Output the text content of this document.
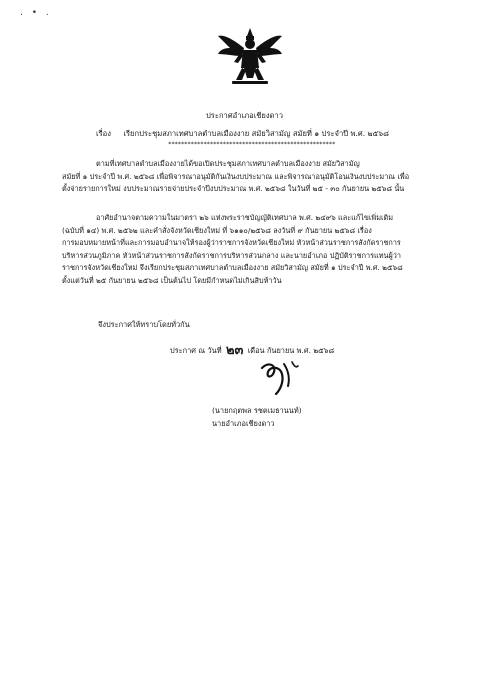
. • .
ประกาศอำเภอเชียงดาว
เรื่อง เรียกประชุมสภาเทศบาลตำบลเมืองงาย สมัยวิสามัญ สมัยที่ ๑ ประจำปี พ.ศ. ๒๕๖๘
****************************************************
ตามที่เทศบาลตำบลเมืองงายได้ขอเปิดประชุมสภาเทศบาลตำบลเมืองงาย สมัยวิสามัญ
สมัยที่ ๑ ประจำปี พ.ศ. ๒๕๖๘ เพื่อพิจารณาอนุมัติกันเงินงบประมาณ และพิจารณาอนุมัติโอนเงินงบประมาณ เพื่อ
ตั้งจ่ายรายการใหม่ งบประมาณรายจ่ายประจำปีงบประมาณ พ.ศ. ๒๕๖๘ ในวันที่ ๒๕ - ๓๐ กันยายน ๒๕๖๘ นั้น
อาศัยอำนาจตามความในมาตรา ๒๖ แห่งพระราชบัญญัติเทศบาล พ.ศ. ๒๔๙๖ และแก้ไขเพิ่มเติม
(ฉบับที่ ๑๔) พ.ศ. ๒๕๖๒ และคำสั่งจังหวัดเชียงใหม่ ที่ ๖๑๑๐/๒๕๖๘ ลงวันที่ ๙ กันยายน ๒๕๖๘ เรื่อง
การมอบหมายหน้าที่และการมอบอำนาจให้รองผู้ว่าราชการจังหวัดเชียงใหม่ หัวหน้าส่วนราชการสังกัดราชการ
บริหารส่วนภูมิภาค หัวหน้าส่วนราชการสังกัดราชการบริหารส่วนกลาง และนายอำเภอ ปฏิบัติราชการแทนผู้ว่า
ราชการจังหวัดเชียงใหม่ จึงเรียกประชุมสภาเทศบาลตำบลเมืองงาย สมัยวิสามัญ สมัยที่ ๑ ประจำปี พ.ศ. ๒๕๖๘
ตั้งแต่วันที่ ๒๕ กันยายน ๒๕๖๘ เป็นต้นไป โดยมีกำหนดไม่เกินสิบห้าวัน
จึงประกาศให้ทราบโดยทั่วกัน
ประกาศ ณ วันที่ ๒๓ เดือน กันยายน พ.ศ. ๒๕๖๘
(นายกฤตพล รชตเมธานนท์)
นายอำเภอเชียงดาว
